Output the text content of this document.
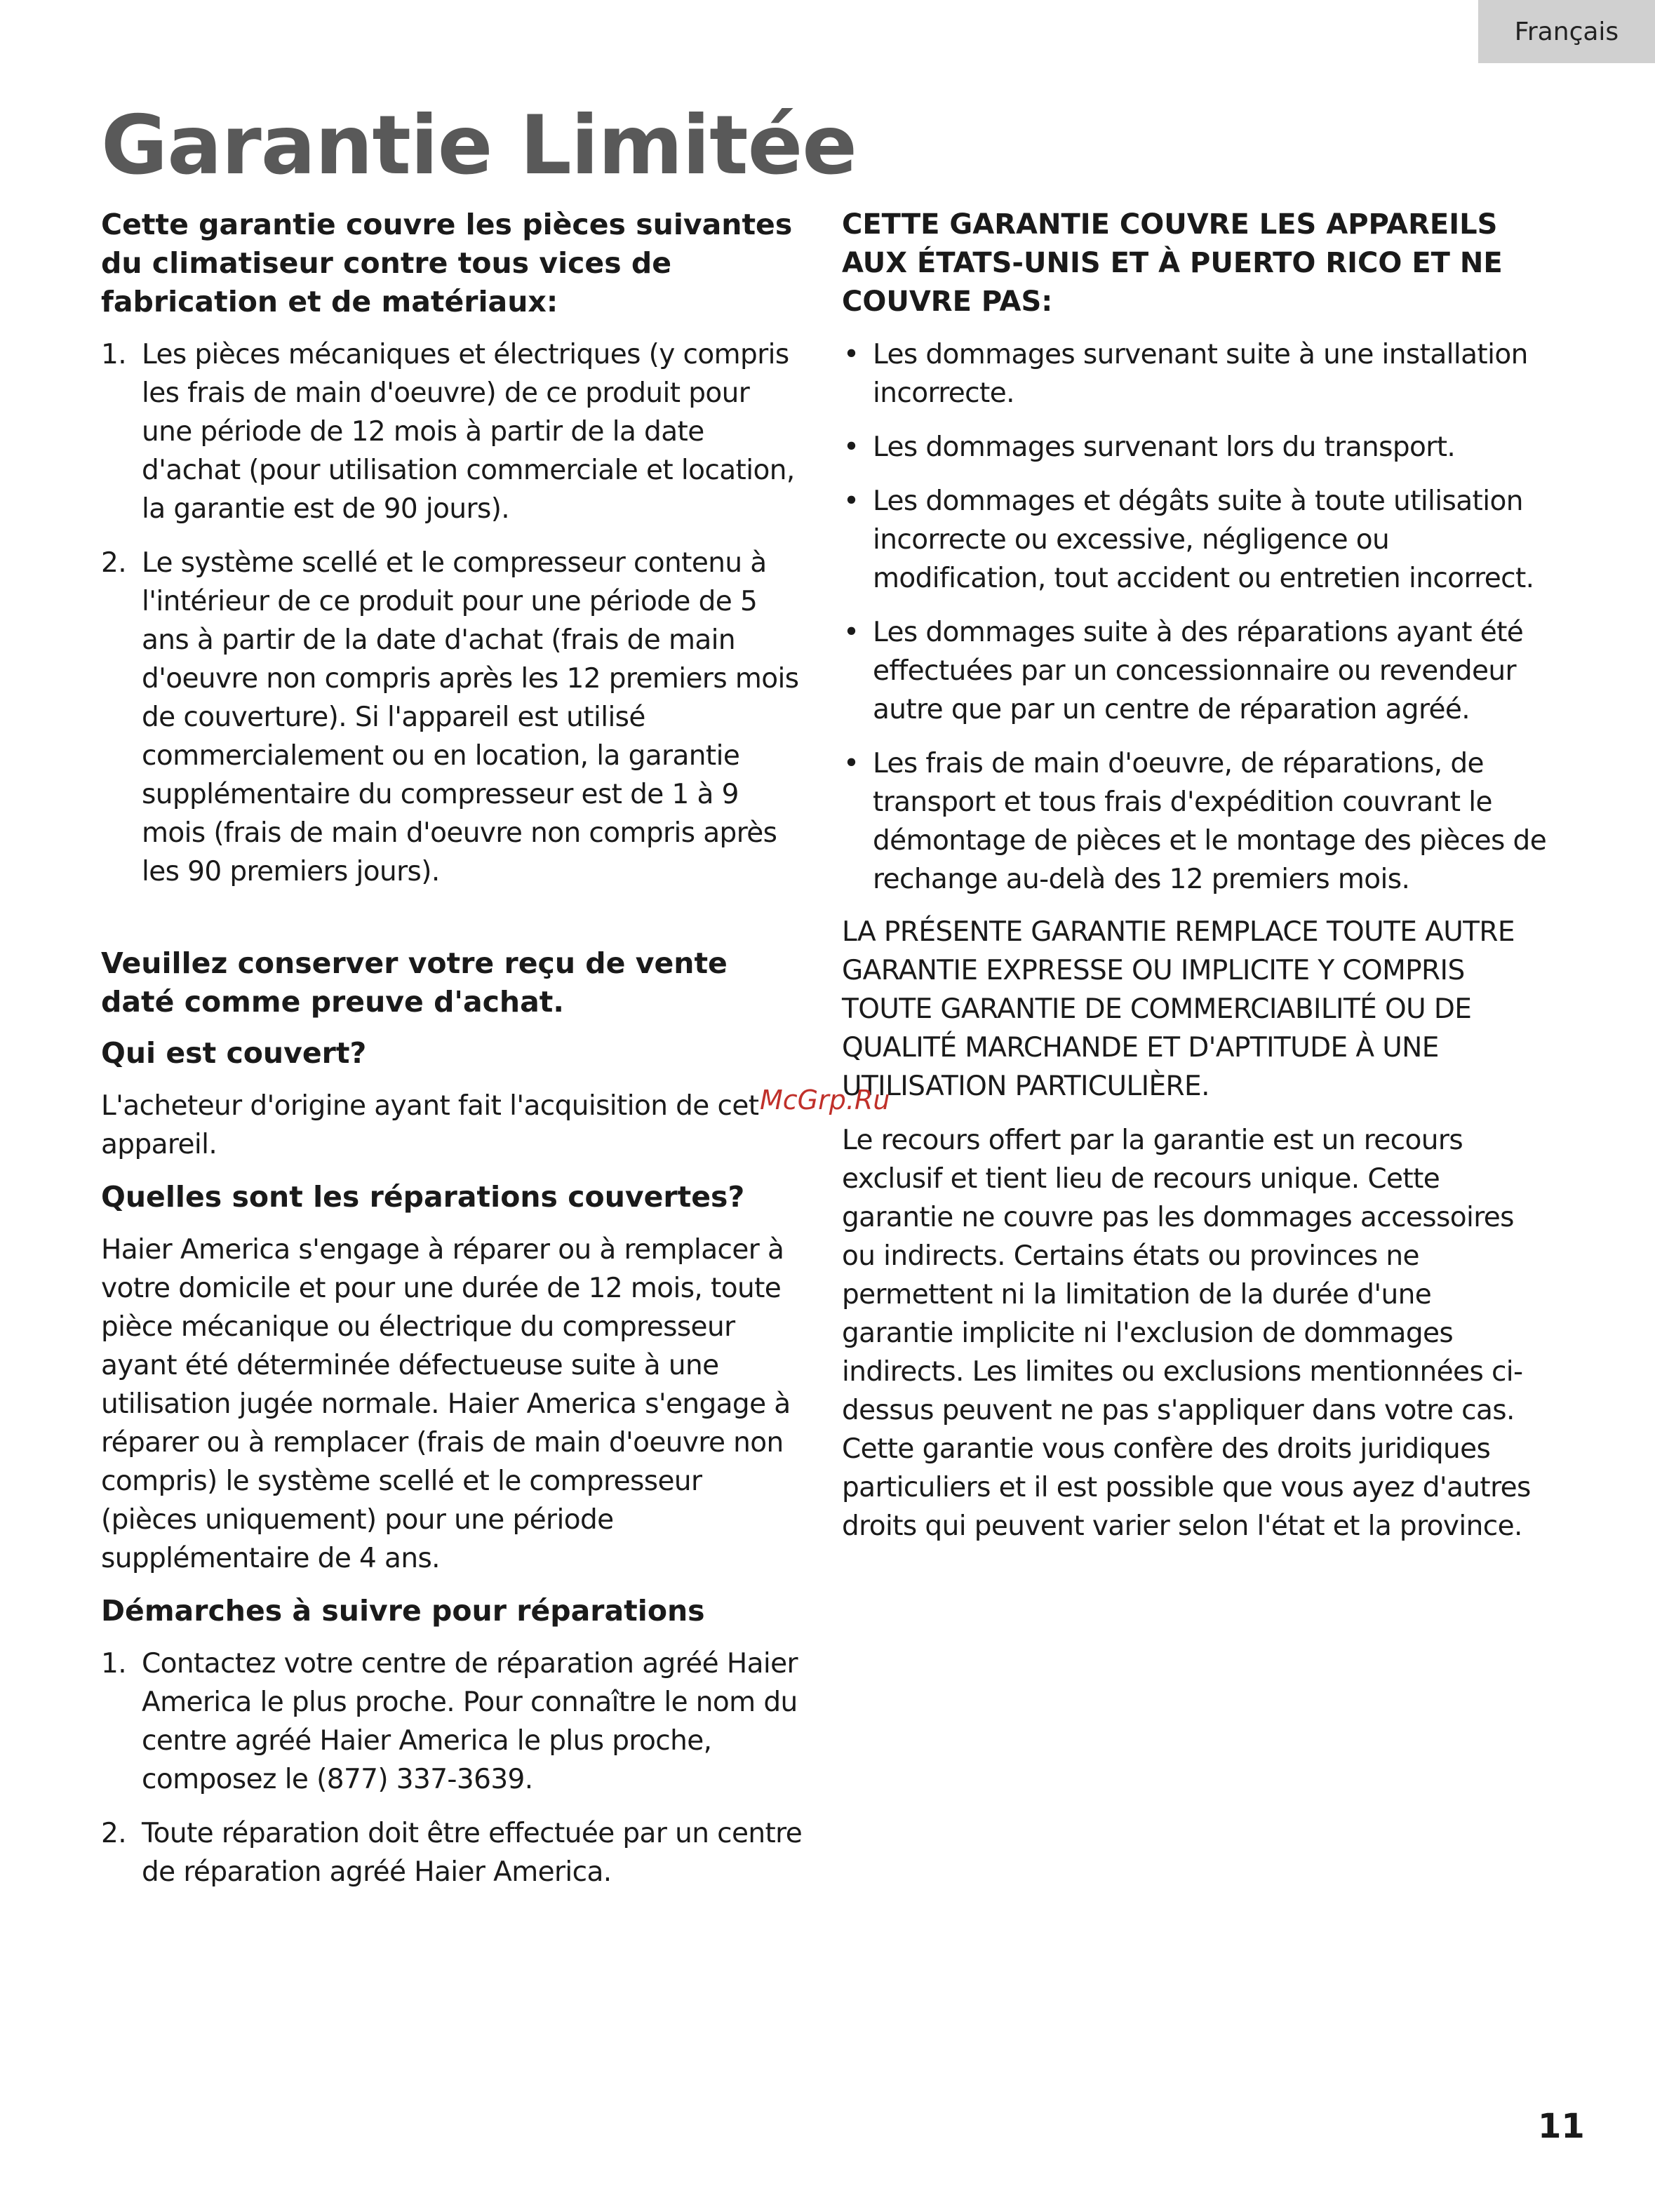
Français
Garantie Limitée

Cette garantie couvre les pièces suivantes du climatiseur contre tous vices de fabrication et de matériaux:

1. Les pièces mécaniques et électriques (y compris les frais de main d'oeuvre) de ce produit pour une période de 12 mois à partir de la date d'achat (pour utilisation commerciale et location, la garantie est de 90 jours).
2. Le système scellé et le compresseur contenu à l'intérieur de ce produit pour une période de 5 ans à partir de la date d'achat (frais de main d'oeuvre non compris après les 12 premiers mois de couverture). Si l'appareil est utilisé commercialement ou en location, la garantie supplémentaire du compresseur est de 1 à 9 mois (frais de main d'oeuvre non compris après les 90 premiers jours).

Veuillez conserver votre reçu de vente daté comme preuve d'achat.

Qui est couvert?

L'acheteur d'origine ayant fait l'acquisition de cet appareil.

Quelles sont les réparations couvertes?

Haier America s'engage à réparer ou à remplacer à votre domicile et pour une durée de 12 mois, toute pièce mécanique ou électrique du compresseur ayant été déterminée défectueuse suite à une utilisation jugée normale. Haier America s'engage à réparer ou à remplacer (frais de main d'oeuvre non compris) le système scellé et le compresseur (pièces uniquement) pour une période supplémentaire de 4 ans.

Démarches à suivre pour réparations

1. Contactez votre centre de réparation agréé Haier America le plus proche. Pour connaître le nom du centre agréé Haier America le plus proche, composez le (877) 337-3639.
2. Toute réparation doit être effectuée par un centre de réparation agréé Haier America.

CETTE GARANTIE COUVRE LES APPAREILS AUX ÉTATS-UNIS ET À PUERTO RICO ET NE COUVRE PAS:

• Les dommages survenant suite à une installation incorrecte.
• Les dommages survenant lors du transport.
• Les dommages et dégâts suite à toute utilisation incorrecte ou excessive, négligence ou modification, tout accident ou entretien incorrect.
• Les dommages suite à des réparations ayant été effectuées par un concessionnaire ou revendeur autre que par un centre de réparation agréé.
• Les frais de main d'oeuvre, de réparations, de transport et tous frais d'expédition couvrant le démontage de pièces et le montage des pièces de rechange au-delà des 12 premiers mois.

LA PRÉSENTE GARANTIE REMPLACE TOUTE AUTRE GARANTIE EXPRESSE OU IMPLICITE Y COMPRIS TOUTE GARANTIE DE COMMERCIABILITÉ OU DE QUALITÉ MARCHANDE ET D'APTITUDE À UNE UTILISATION PARTICULIÈRE.

Le recours offert par la garantie est un recours exclusif et tient lieu de recours unique. Cette garantie ne couvre pas les dommages accessoires ou indirects. Certains états ou provinces ne permettent ni la limitation de la durée d'une garantie implicite ni l'exclusion de dommages indirects. Les limites ou exclusions mentionnées ci-dessus peuvent ne pas s'appliquer dans votre cas. Cette garantie vous confère des droits juridiques particuliers et il est possible que vous ayez d'autres droits qui peuvent varier selon l'état et la province.

McGrp.Ru
11
